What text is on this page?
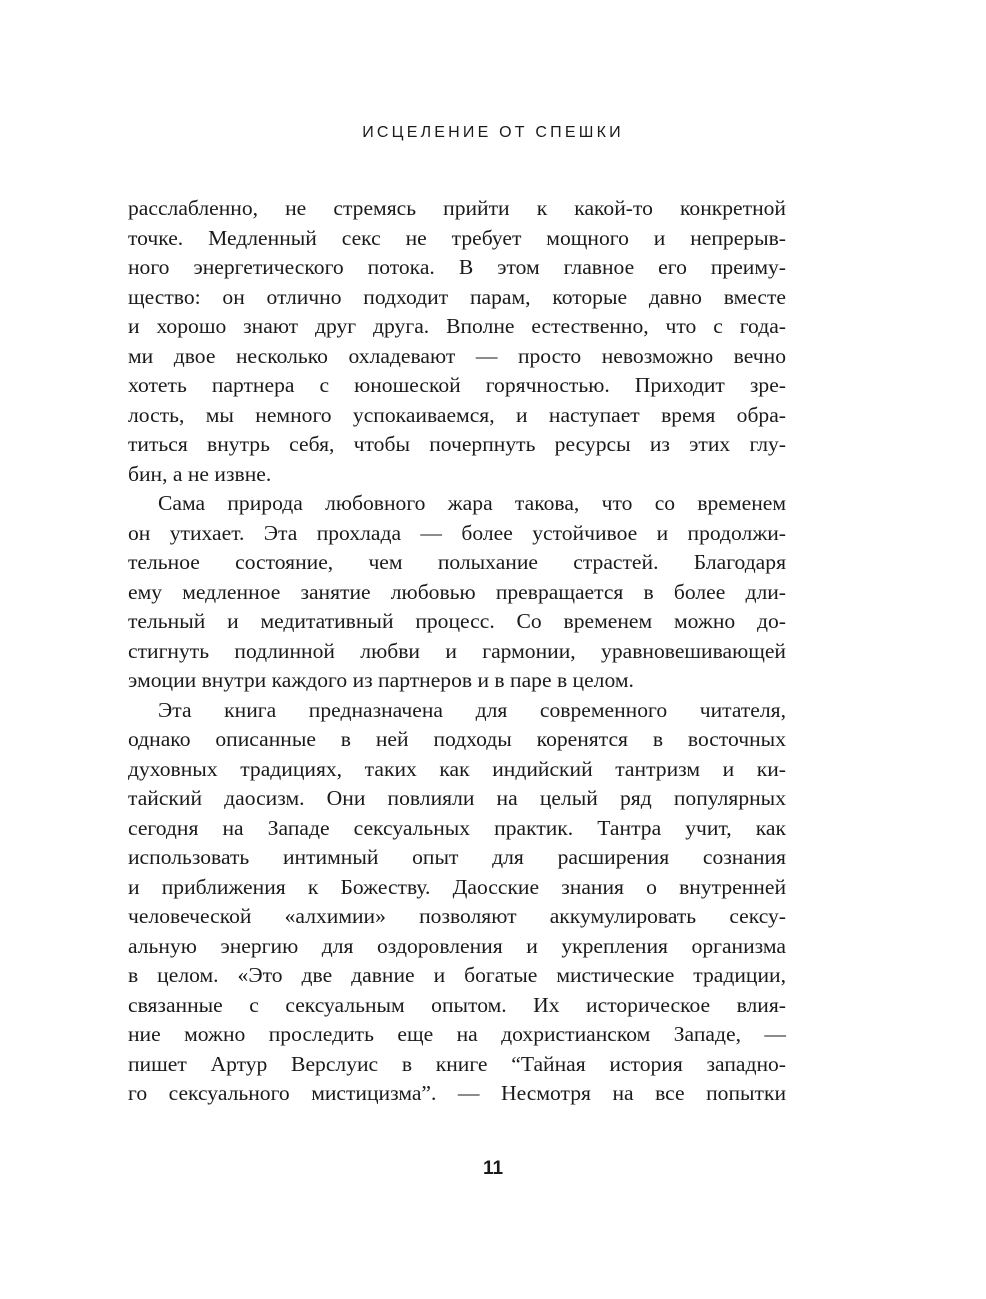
ИСЦЕЛЕНИЕ ОТ СПЕШКИ
расслабленно, не стремясь прийти к какой-то конкретной
точке. Медленный секс не требует мощного и непрерыв-
ного энергетического потока. В этом главное его преиму-
щество: он отлично подходит парам, которые давно вместе
и хорошо знают друг друга. Вполне естественно, что с года-
ми двое несколько охладевают — просто невозможно вечно
хотеть партнера с юношеской горячностью. Приходит зре-
лость, мы немного успокаиваемся, и наступает время обра-
титься внутрь себя, чтобы почерпнуть ресурсы из этих глу-
бин, а не извне.
Сама природа любовного жара такова, что со временем
он утихает. Эта прохлада — более устойчивое и продолжи-
тельное состояние, чем полыхание страстей. Благодаря
ему медленное занятие любовью превращается в более дли-
тельный и медитативный процесс. Со временем можно до-
стигнуть подлинной любви и гармонии, уравновешивающей
эмоции внутри каждого из партнеров и в паре в целом.
Эта книга предназначена для современного читателя,
однако описанные в ней подходы коренятся в восточных
духовных традициях, таких как индийский тантризм и ки-
тайский даосизм. Они повлияли на целый ряд популярных
сегодня на Западе сексуальных практик. Тантра учит, как
использовать интимный опыт для расширения сознания
и приближения к Божеству. Даосские знания о внутренней
человеческой «алхимии» позволяют аккумулировать сексу-
альную энергию для оздоровления и укрепления организма
в целом. «Это две давние и богатые мистические традиции,
связанные с сексуальным опытом. Их историческое влия-
ние можно проследить еще на дохристианском Западе, —
пишет Артур Верслуис в книге “Тайная история западно-
го сексуального мистицизма”. — Несмотря на все попытки
11
